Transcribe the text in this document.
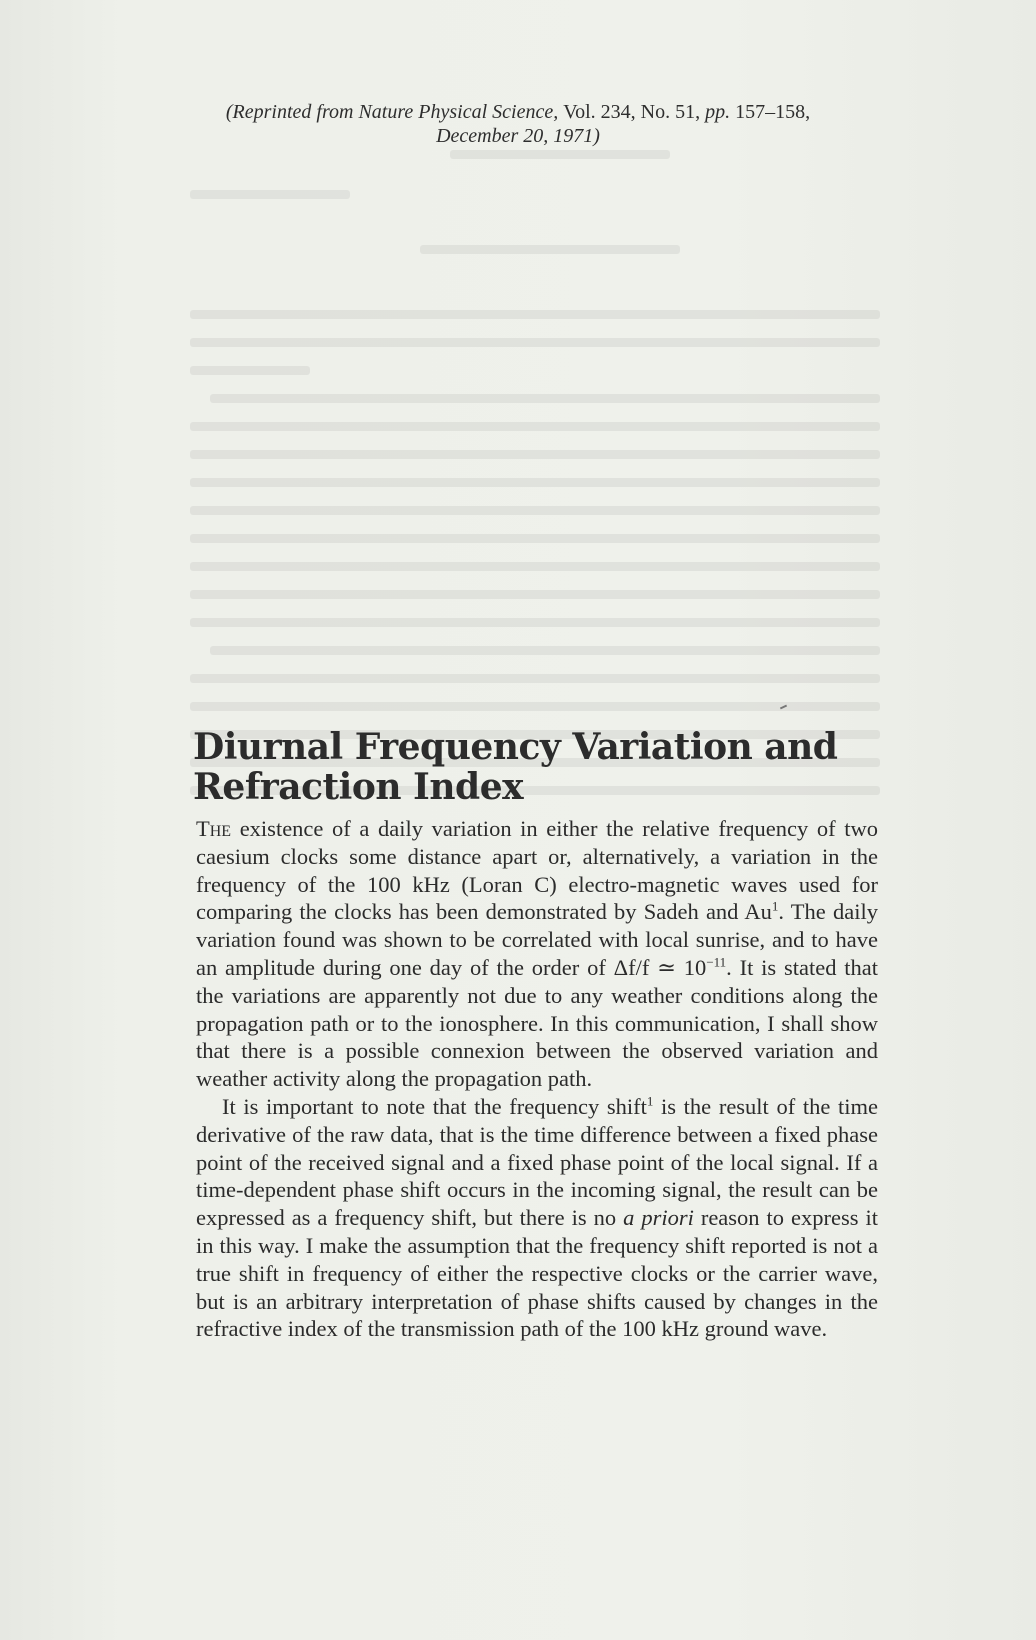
(Reprinted from Nature Physical Science, Vol. 234, No. 51, pp. 157–158,
December 20, 1971)
Diurnal Frequency Variation and
Refraction Index

The existence of a daily variation in either the relative frequency of two caesium clocks some distance apart or, alternatively, a variation in the frequency of the 100 kHz (Loran C) electro-magnetic waves used for comparing the clocks has been demonstrated by Sadeh and Au$^1$. The daily variation found was shown to be correlated with local sunrise, and to have an amplitude during one day of the order of Δf/f ≃ $10^{-11}$. It is stated that the variations are apparently not due to any weather conditions along the propagation path or to the ionosphere. In this communication, I shall show that there is a possible connexion between the observed variation and weather activity along the propagation path.

It is important to note that the frequency shift$^1$ is the result of the time derivative of the raw data, that is the time difference between a fixed phase point of the received signal and a fixed phase point of the local signal. If a time-dependent phase shift occurs in the incoming signal, the result can be expressed as a frequency shift, but there is no a priori reason to express it in this way. I make the assumption that the frequency shift reported is not a true shift in frequency of either the respective clocks or the carrier wave, but is an arbitrary interpretation of phase shifts caused by changes in the refractive index of the transmission path of the 100 kHz ground wave.
